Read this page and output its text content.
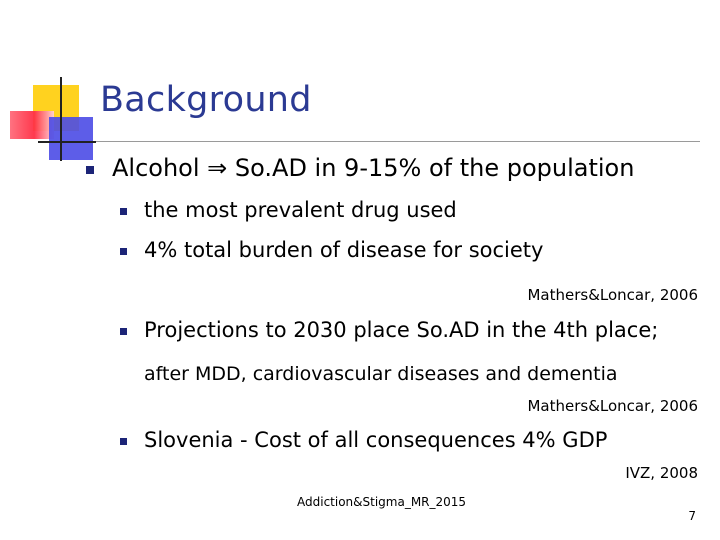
Background
Alcohol ⇒ So.AD in 9-15% of the population
the most prevalent drug used
4% total burden of disease for society
Mathers&Loncar, 2006
Projections to 2030 place So.AD in the 4th place;
after MDD, cardiovascular diseases and dementia
Mathers&Loncar, 2006
Slovenia - Cost of all consequences 4% GDP
IVZ, 2008
Addiction&Stigma_MR_2015
7
